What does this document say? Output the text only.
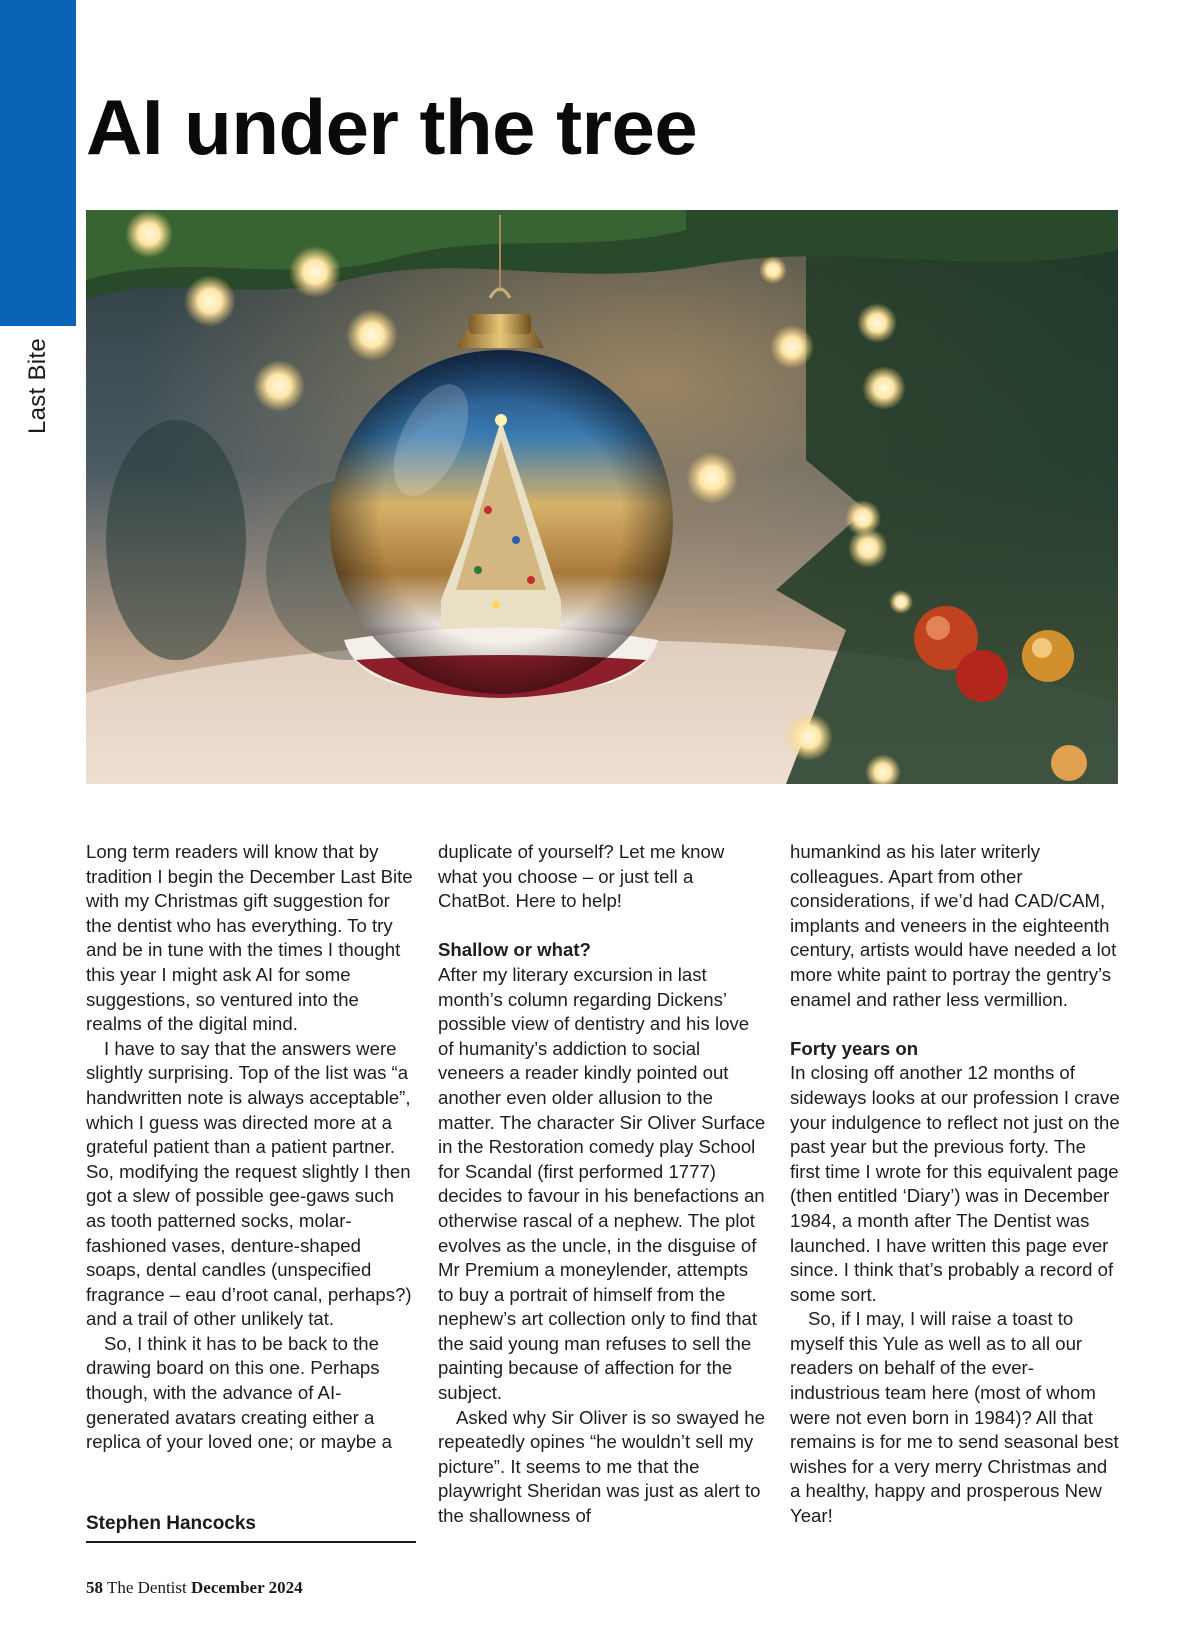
Last Bite
AI under the tree

Long term readers will know that by tradition I begin the December Last Bite with my Christmas gift suggestion for the dentist who has everything. To try and be in tune with the times I thought this year I might ask AI for some suggestions, so ventured into the realms of the digital mind.

I have to say that the answers were slightly surprising. Top of the list was “a handwritten note is always acceptable”, which I guess was directed more at a grateful patient than a patient partner. So, modifying the request slightly I then got a slew of possible gee-gaws such as tooth patterned socks, molar-fashioned vases, denture-shaped soaps, dental candles (unspecified fragrance – eau d’root canal, perhaps?) and a trail of other unlikely tat.

So, I think it has to be back to the drawing board on this one. Perhaps though, with the advance of AI-generated avatars creating either a replica of your loved one; or maybe a

duplicate of yourself? Let me know what you choose – or just tell a ChatBot. Here to help!

Shallow or what?

After my literary excursion in last month’s column regarding Dickens’ possible view of dentistry and his love of humanity’s addiction to social veneers a reader kindly pointed out another even older allusion to the matter. The character Sir Oliver Surface in the Restoration comedy play School for Scandal (first performed 1777) decides to favour in his benefactions an otherwise rascal of a nephew. The plot evolves as the uncle, in the disguise of Mr Premium a moneylender, attempts to buy a portrait of himself from the nephew’s art collection only to find that the said young man refuses to sell the painting because of affection for the subject.

Asked why Sir Oliver is so swayed he repeatedly opines “he wouldn’t sell my picture”. It seems to me that the playwright Sheridan was just as alert to the shallowness of

humankind as his later writerly colleagues. Apart from other considerations, if we’d had CAD/CAM, implants and veneers in the eighteenth century, artists would have needed a lot more white paint to portray the gentry’s enamel and rather less vermillion.

Forty years on

In closing off another 12 months of sideways looks at our profession I crave your indulgence to reflect not just on the past year but the previous forty. The first time I wrote for this equivalent page (then entitled ‘Diary’) was in December 1984, a month after The Dentist was launched. I have written this page ever since. I think that’s probably a record of some sort.

So, if I may, I will raise a toast to myself this Yule as well as to all our readers on behalf of the ever-industrious team here (most of whom were not even born in 1984)? All that remains is for me to send seasonal best wishes for a very merry Christmas and a healthy, happy and prosperous New Year!

Stephen Hancocks
58 The Dentist December 2024
